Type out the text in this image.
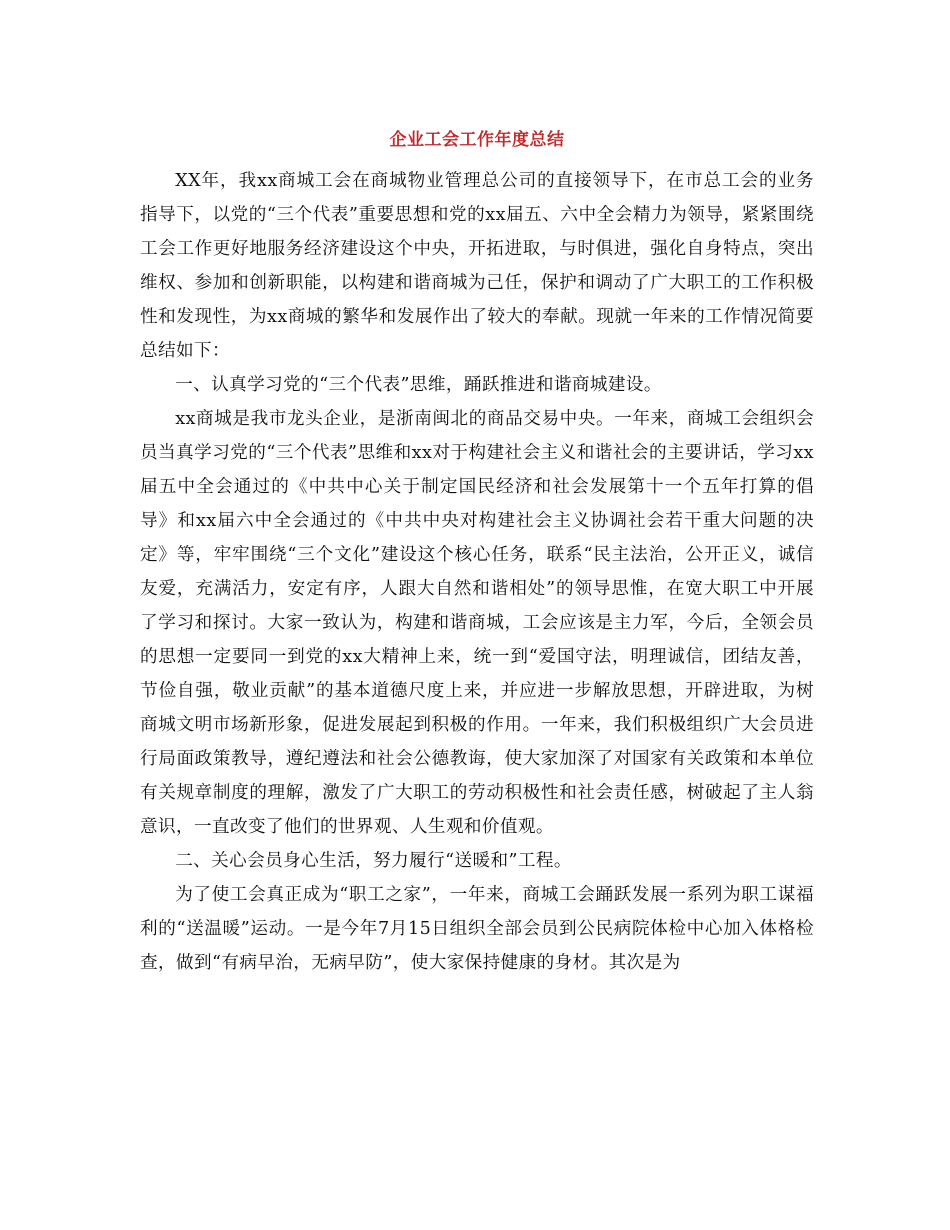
企业工会工作年度总结

XX年，我xx商城工会在商城物业管理总公司的直接领导下，在市总工会的业务指导下，以党的“三个代表”重要思想和党的xx届五、六中全会精力为领导，紧紧围绕工会工作更好地服务经济建设这个中央，开拓进取，与时俱进，强化自身特点，突出维权、参加和创新职能，以构建和谐商城为己任，保护和调动了广大职工的工作积极性和发现性，为xx商城的繁华和发展作出了较大的奉献。现就一年来的工作情况简要总结如下：

一、认真学习党的“三个代表”思维，踊跃推进和谐商城建设。

xx商城是我市龙头企业，是浙南闽北的商品交易中央。一年来，商城工会组织会员当真学习党的“三个代表”思维和xx对于构建社会主义和谐社会的主要讲话，学习xx届五中全会通过的《中共中心关于制定国民经济和社会发展第十一个五年打算的倡导》和xx届六中全会通过的《中共中央对构建社会主义协调社会若干重大问题的决定》等，牢牢围绕“三个文化”建设这个核心任务，联系“民主法治，公开正义，诚信友爱，充满活力，安定有序，人跟大自然和谐相处”的领导思惟，在宽大职工中开展了学习和探讨。大家一致认为，构建和谐商城，工会应该是主力军，今后，全领会员的思想一定要同一到党的xx大精神上来，统一到“爱国守法，明理诚信，团结友善，节俭自强，敬业贡献”的基本道德尺度上来，并应进一步解放思想，开辟进取，为树商城文明市场新形象，促进发展起到积极的作用。一年来，我们积极组织广大会员进行局面政策教导，遵纪遵法和社会公德教诲，使大家加深了对国家有关政策和本单位有关规章制度的理解，激发了广大职工的劳动积极性和社会责任感，树破起了主人翁意识，一直改变了他们的世界观、人生观和价值观。

二、关心会员身心生活，努力履行“送暖和”工程。

为了使工会真正成为“职工之家”，一年来，商城工会踊跃发展一系列为职工谋福利的“送温暖”运动。一是今年7月15日组织全部会员到公民病院体检中心加入体格检查，做到“有病早治，无病早防”，使大家保持健康的身材。其次是为
